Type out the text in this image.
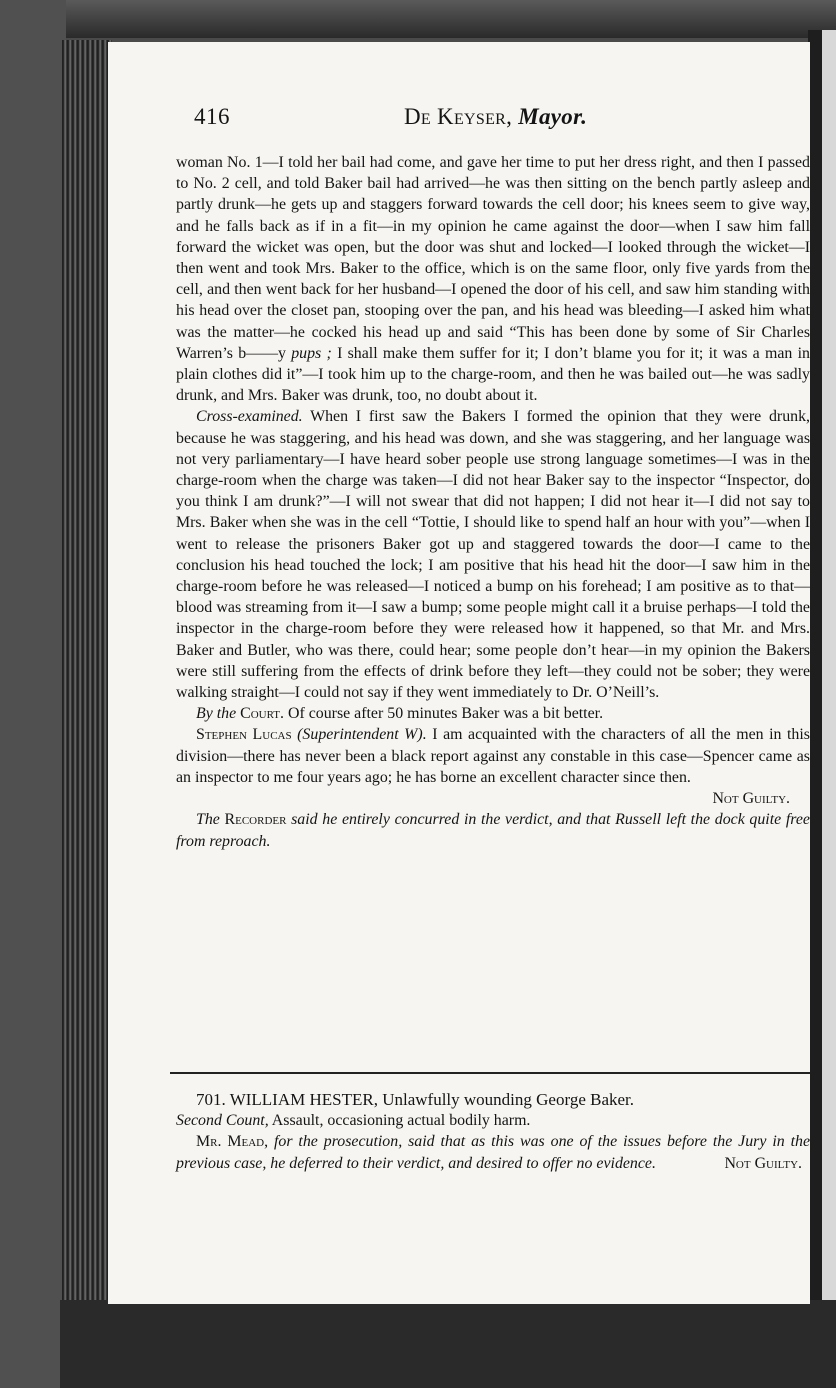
416	De Keyser, Mayor.

woman No. 1—I told her bail had come, and gave her time to put her dress right, and then I passed to No. 2 cell, and told Baker bail had arrived—he was then sitting on the bench partly asleep and partly drunk—he gets up and staggers forward towards the cell door; his knees seem to give way, and he falls back as if in a fit—in my opinion he came against the door—when I saw him fall forward the wicket was open, but the door was shut and locked—I looked through the wicket—I then went and took Mrs. Baker to the office, which is on the same floor, only five yards from the cell, and then went back for her husband—I opened the door of his cell, and saw him standing with his head over the closet pan, stooping over the pan, and his head was bleeding—I asked him what was the matter—he cocked his head up and said “This has been done by some of Sir Charles Warren’s b——y pups ; I shall make them suffer for it; I don’t blame you for it; it was a man in plain clothes did it”—I took him up to the charge-room, and then he was bailed out—he was sadly drunk, and Mrs. Baker was drunk, too, no doubt about it.

Cross-examined. When I first saw the Bakers I formed the opinion that they were drunk, because he was staggering, and his head was down, and she was staggering, and her language was not very parliamentary—I have heard sober people use strong language sometimes—I was in the charge-room when the charge was taken—I did not hear Baker say to the inspector “Inspector, do you think I am drunk?”—I will not swear that did not happen; I did not hear it—I did not say to Mrs. Baker when she was in the cell “Tottie, I should like to spend half an hour with you”—when I went to release the prisoners Baker got up and staggered towards the door—I came to the conclusion his head touched the lock; I am positive that his head hit the door—I saw him in the charge-room before he was released—I noticed a bump on his forehead; I am positive as to that—blood was streaming from it—I saw a bump; some people might call it a bruise perhaps—I told the inspector in the charge-room before they were released how it happened, so that Mr. and Mrs. Baker and Butler, who was there, could hear; some people don’t hear—in my opinion the Bakers were still suffering from the effects of drink before they left—they could not be sober; they were walking straight—I could not say if they went immediately to Dr. O’Neill’s.

By the Court. Of course after 50 minutes Baker was a bit better.

Stephen Lucas (Superintendent W). I am acquainted with the characters of all the men in this division—there has never been a black report against any constable in this case—Spencer came as an inspector to me four years ago; he has borne an excellent character since then.

Not Guilty.

The Recorder said he entirely concurred in the verdict, and that Russell left the dock quite free from reproach.

701. WILLIAM HESTER, Unlawfully wounding George Baker.

Second Count, Assault, occasioning actual bodily harm.

Mr. Mead, for the prosecution, said that as this was one of the issues before the Jury in the previous case, he deferred to their verdict, and desired to offer no evidence.	Not Guilty.
